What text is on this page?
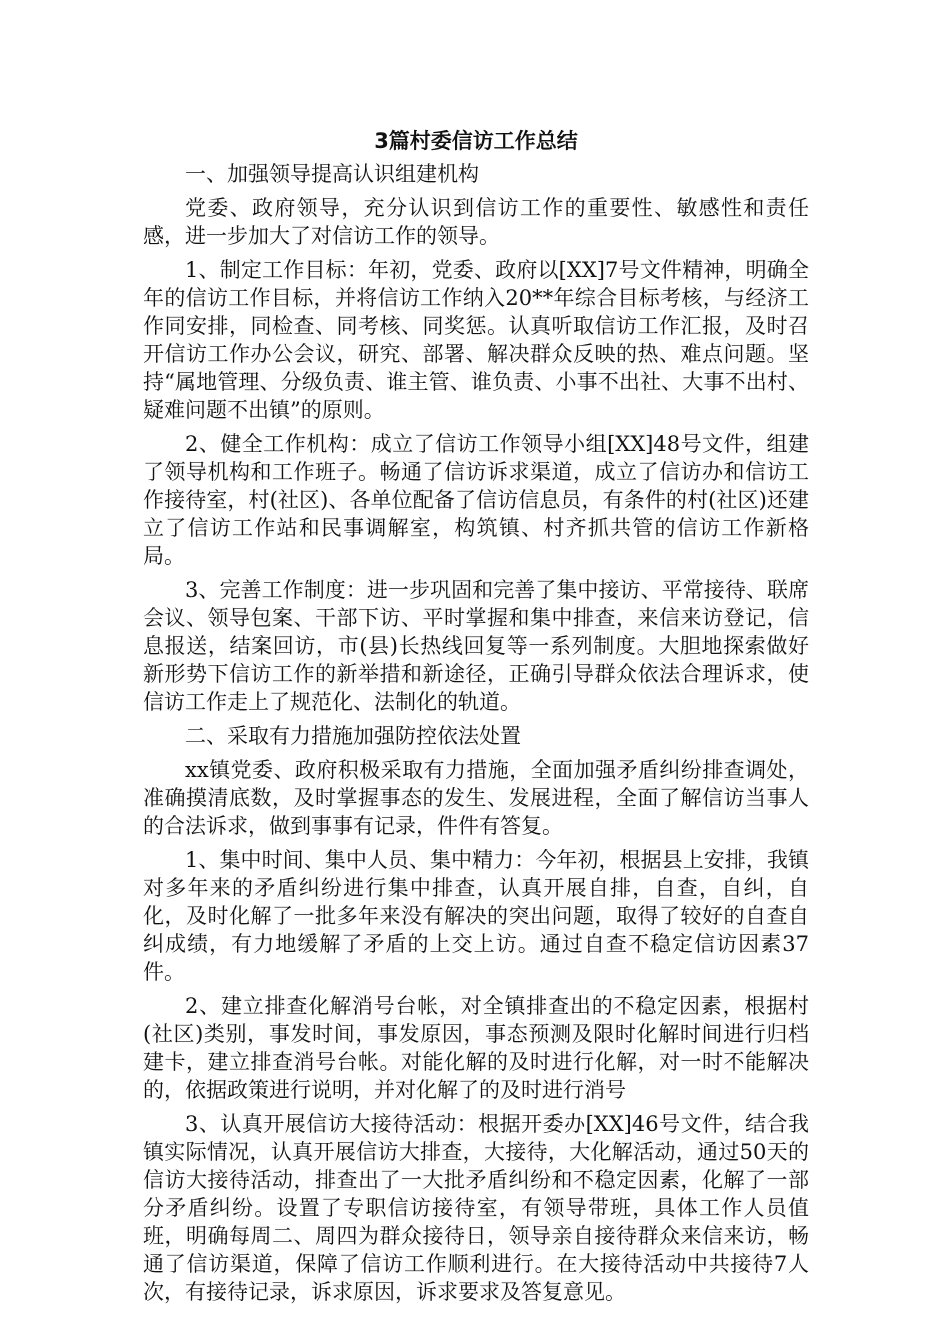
3篇村委信访工作总结
一、加强领导提高认识组建机构

党委、政府领导，充分认识到信访工作的重要性、敏感性和责任感，进一步加大了对信访工作的领导。

1、制定工作目标：年初，党委、政府以[XX]7号文件精神，明确全年的信访工作目标，并将信访工作纳入20**年综合目标考核，与经济工作同安排，同检查、同考核、同奖惩。认真听取信访工作汇报，及时召开信访工作办公会议，研究、部署、解决群众反映的热、难点问题。坚持“属地管理、分级负责、谁主管、谁负责、小事不出社、大事不出村、疑难问题不出镇”的原则。

2、健全工作机构：成立了信访工作领导小组[XX]48号文件，组建了领导机构和工作班子。畅通了信访诉求渠道，成立了信访办和信访工作接待室，村(社区)、各单位配备了信访信息员，有条件的村(社区)还建立了信访工作站和民事调解室，构筑镇、村齐抓共管的信访工作新格局。

3、完善工作制度：进一步巩固和完善了集中接访、平常接待、联席会议、领导包案、干部下访、平时掌握和集中排查，来信来访登记，信息报送，结案回访，市(县)长热线回复等一系列制度。大胆地探索做好新形势下信访工作的新举措和新途径，正确引导群众依法合理诉求，使信访工作走上了规范化、法制化的轨道。

二、采取有力措施加强防控依法处置

xx镇党委、政府积极采取有力措施，全面加强矛盾纠纷排查调处，准确摸清底数，及时掌握事态的发生、发展进程，全面了解信访当事人的合法诉求，做到事事有记录，件件有答复。

1、集中时间、集中人员、集中精力：今年初，根据县上安排，我镇对多年来的矛盾纠纷进行集中排查，认真开展自排，自查，自纠，自化，及时化解了一批多年来没有解决的突出问题，取得了较好的自查自纠成绩，有力地缓解了矛盾的上交上访。通过自查不稳定信访因素37件。

2、建立排查化解消号台帐，对全镇排查出的不稳定因素，根据村(社区)类别，事发时间，事发原因，事态预测及限时化解时间进行归档建卡，建立排查消号台帐。对能化解的及时进行化解，对一时不能解决的，依据政策进行说明，并对化解了的及时进行消号

3、认真开展信访大接待活动：根据开委办[XX]46号文件，结合我镇实际情况，认真开展信访大排查，大接待，大化解活动，通过50天的信访大接待活动，排查出了一大批矛盾纠纷和不稳定因素，化解了一部分矛盾纠纷。设置了专职信访接待室，有领导带班，具体工作人员值班，明确每周二、周四为群众接待日，领导亲自接待群众来信来访，畅通了信访渠道，保障了信访工作顺利进行。在大接待活动中共接待7人次，有接待记录，诉求原因，诉求要求及答复意见。
